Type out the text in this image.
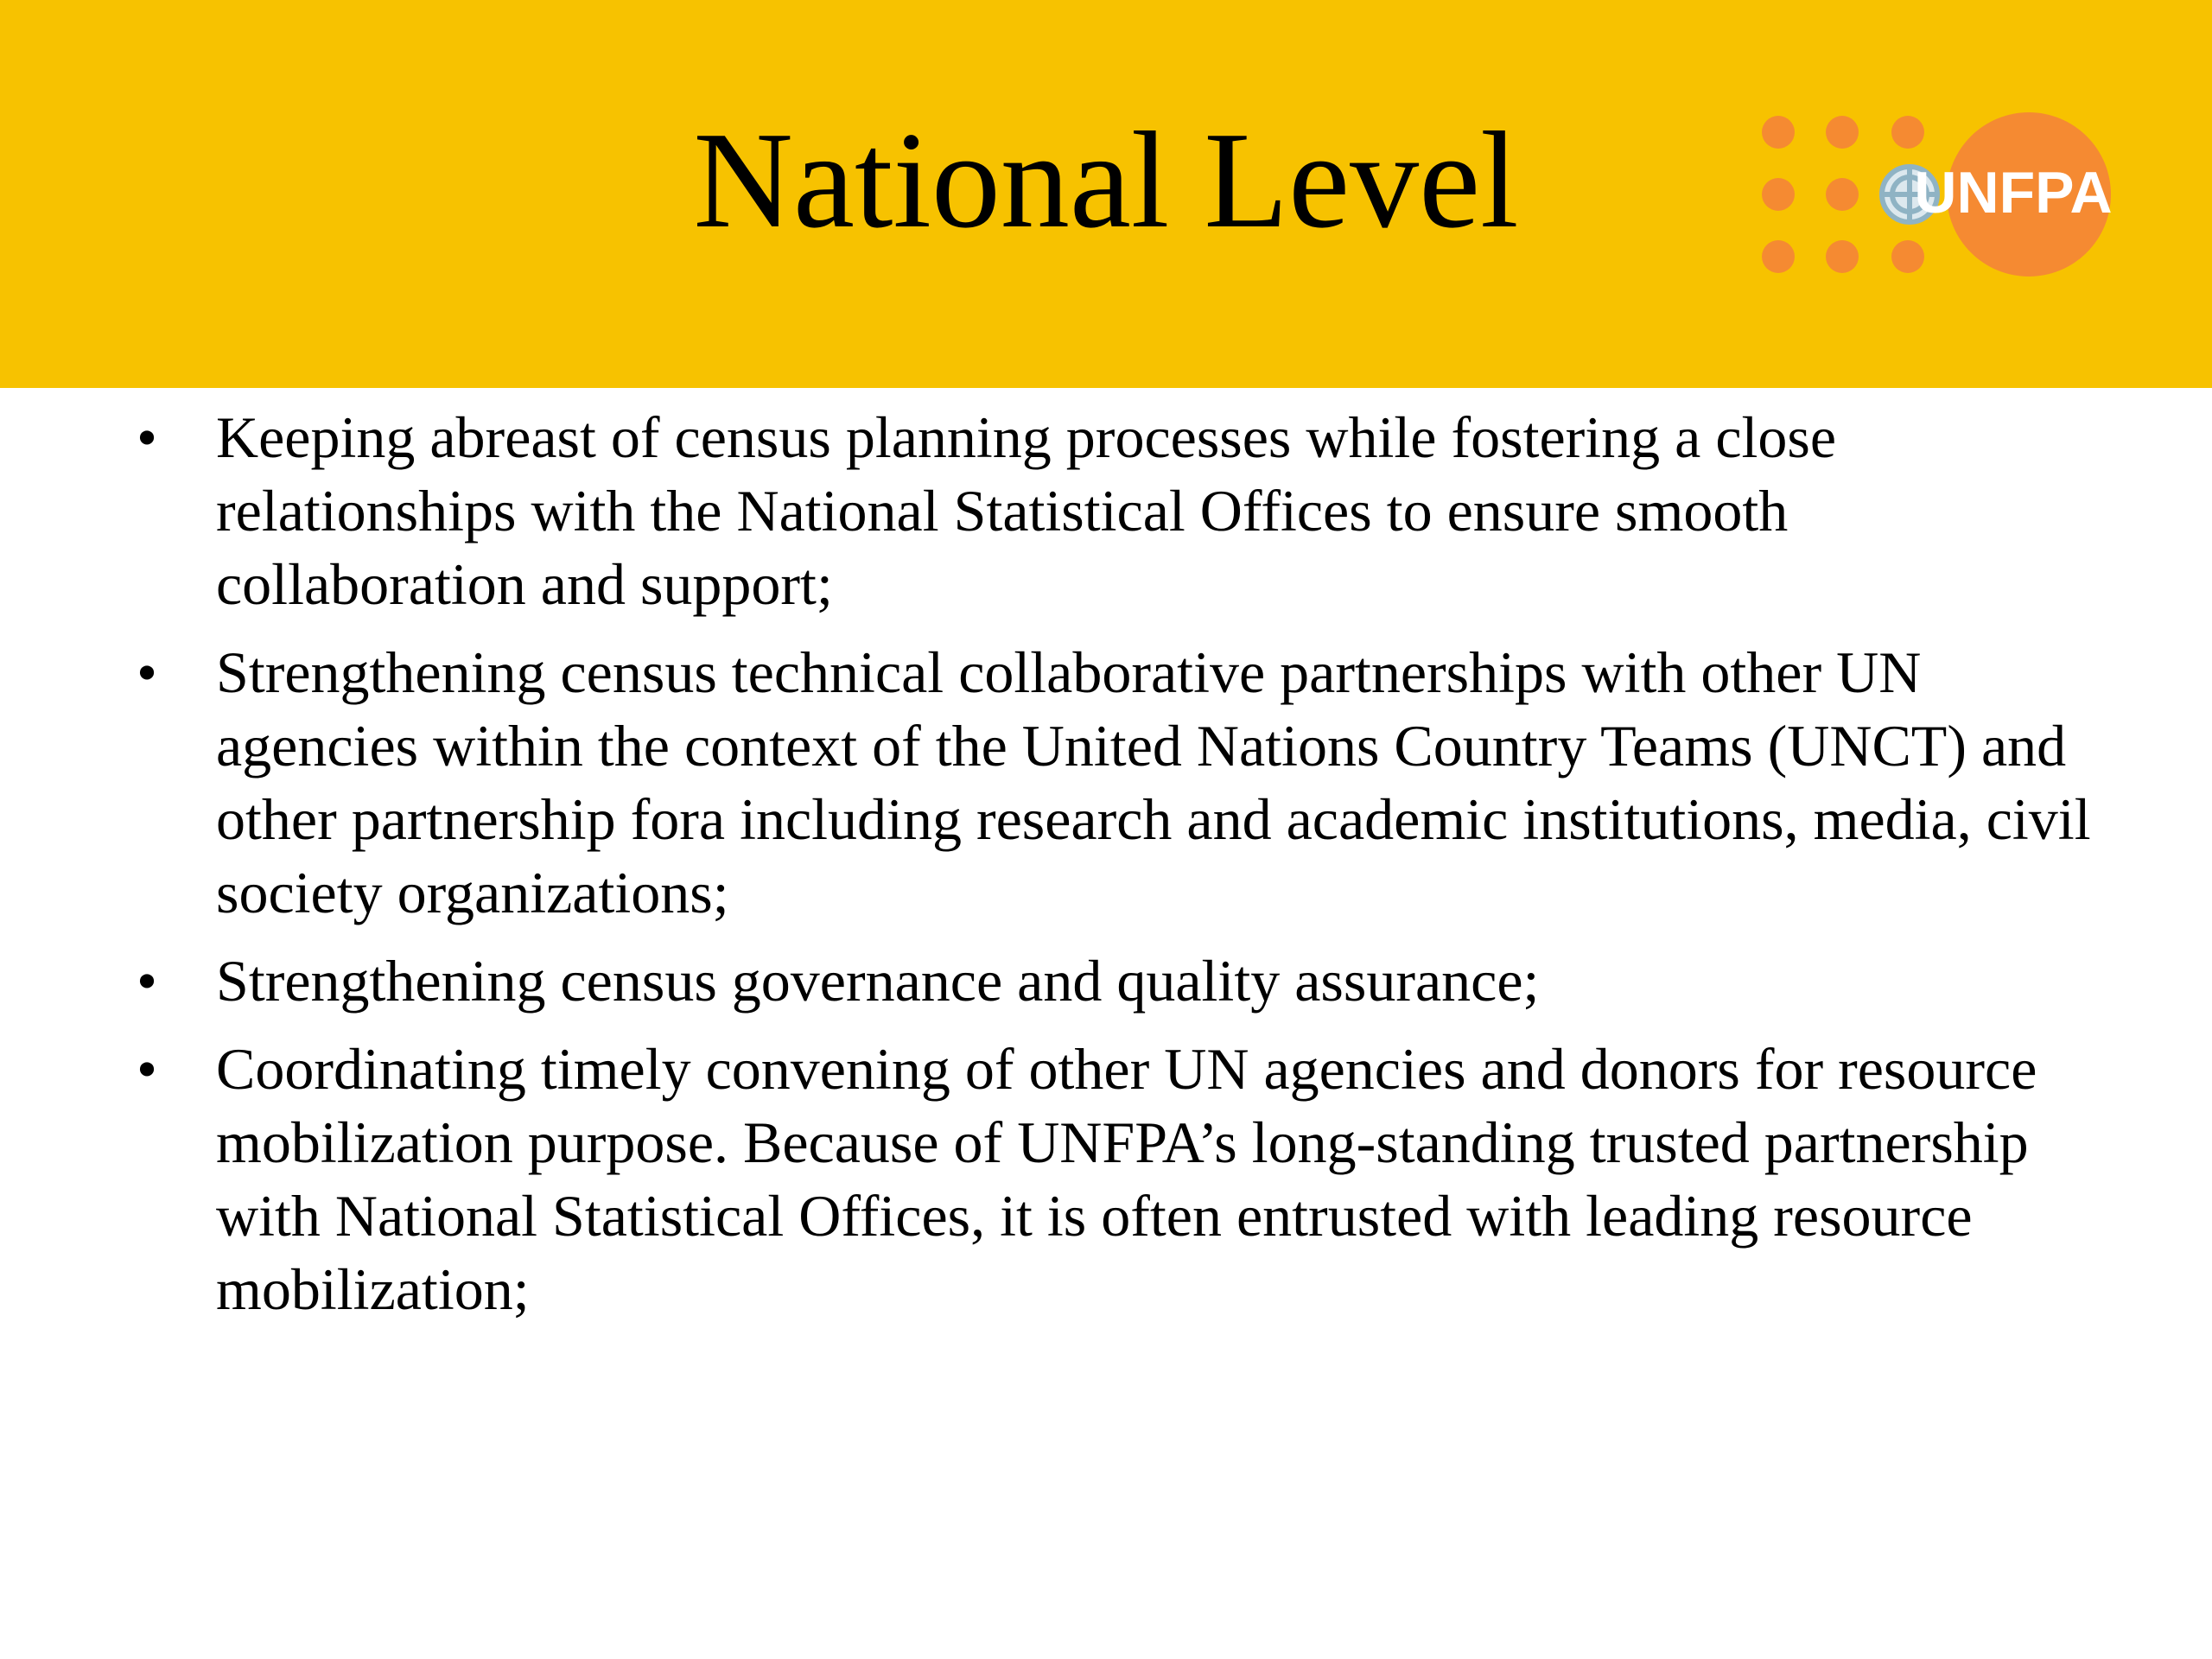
National Level	UNFPA
• Keeping abreast of census planning processes while fostering a close relationships with the National Statistical Offices to ensure smooth collaboration and support;
• Strengthening census technical collaborative partnerships with other UN agencies within the context of the United Nations Country Teams (UNCT) and other partnership fora including research and academic institutions, media, civil society organizations;
• Strengthening census governance and quality assurance;
• Coordinating timely convening of other UN agencies and donors for resource mobilization purpose. Because of UNFPA’s long-standing trusted partnership with National Statistical Offices, it is often entrusted with leading resource mobilization;
